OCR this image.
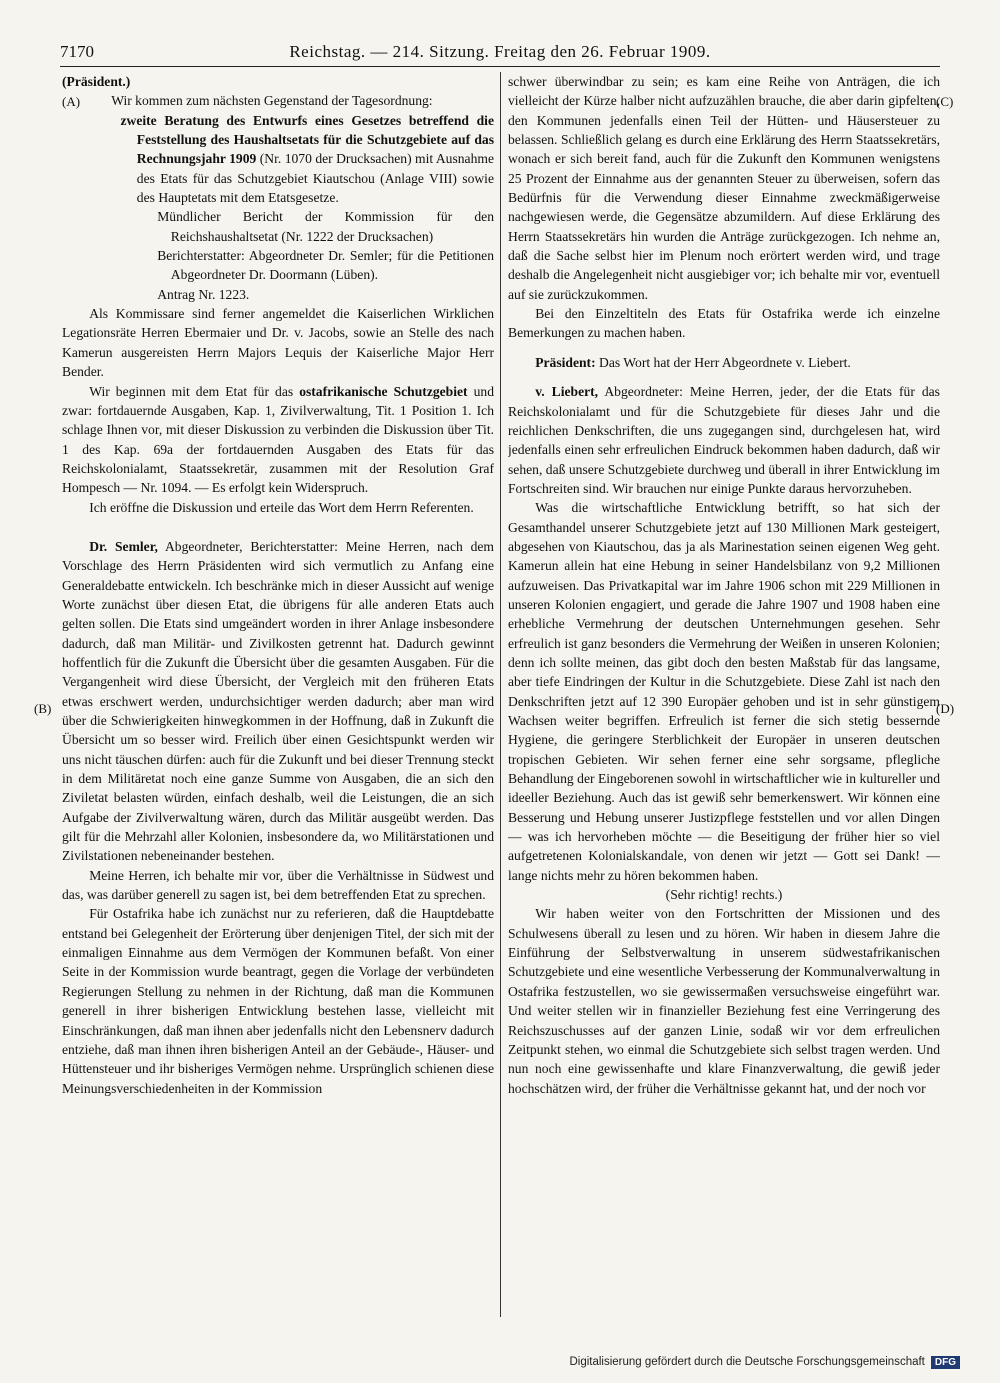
7170	Reichstag. — 214. Sitzung. Freitag den 26. Februar 1909.
(A)
(B)
(C)
(D)

(Präsident.)

Wir kommen zum nächsten Gegenstand der Tagesordnung:

zweite Beratung des Entwurfs eines Gesetzes betreffend die Feststellung des Haushaltsetats für die Schutzgebiete auf das Rechnungsjahr 1909 (Nr. 1070 der Drucksachen) mit Ausnahme des Etats für das Schutzgebiet Kiautschou (Anlage VIII) sowie des Hauptetats mit dem Etatsgesetze.

Mündlicher Bericht der Kommission für den Reichshaushaltsetat (Nr. 1222 der Drucksachen)

Berichterstatter: Abgeordneter Dr. Semler; für die Petitionen Abgeordneter Dr. Doormann (Lüben).

Antrag Nr. 1223.

Als Kommissare sind ferner angemeldet die Kaiserlichen Wirklichen Legationsräte Herren Ebermaier und Dr. v. Jacobs, sowie an Stelle des nach Kamerun ausgereisten Herrn Majors Lequis der Kaiserliche Major Herr Bender.

Wir beginnen mit dem Etat für das ostafrikanische Schutzgebiet und zwar: fortdauernde Ausgaben, Kap. 1, Zivilverwaltung, Tit. 1 Position 1. Ich schlage Ihnen vor, mit dieser Diskussion zu verbinden die Diskussion über Tit. 1 des Kap. 69a der fortdauernden Ausgaben des Etats für das Reichskolonialamt, Staatssekretär, zusammen mit der Resolution Graf Hompesch — Nr. 1094. — Es erfolgt kein Widerspruch.

Ich eröffne die Diskussion und erteile das Wort dem Herrn Referenten.

Dr. Semler, Abgeordneter, Berichterstatter: Meine Herren, nach dem Vorschlage des Herrn Präsidenten wird sich vermutlich zu Anfang eine Generaldebatte entwickeln. Ich beschränke mich in dieser Aussicht auf wenige Worte zunächst über diesen Etat, die übrigens für alle anderen Etats auch gelten sollen. Die Etats sind umgeändert worden in ihrer Anlage insbesondere dadurch, daß man Militär- und Zivilkosten getrennt hat. Dadurch gewinnt hoffentlich für die Zukunft die Übersicht über die gesamten Ausgaben. Für die Vergangenheit wird diese Übersicht, der Vergleich mit den früheren Etats etwas erschwert werden, undurchsichtiger werden dadurch; aber man wird über die Schwierigkeiten hinwegkommen in der Hoffnung, daß in Zukunft die Übersicht um so besser wird. Freilich über einen Gesichtspunkt werden wir uns nicht täuschen dürfen: auch für die Zukunft und bei dieser Trennung steckt in dem Militäretat noch eine ganze Summe von Ausgaben, die an sich den Ziviletat belasten würden, einfach deshalb, weil die Leistungen, die an sich Aufgabe der Zivilverwaltung wären, durch das Militär ausgeübt werden. Das gilt für die Mehrzahl aller Kolonien, insbesondere da, wo Militärstationen und Zivilstationen nebeneinander bestehen.

Meine Herren, ich behalte mir vor, über die Verhältnisse in Südwest und das, was darüber generell zu sagen ist, bei dem betreffenden Etat zu sprechen.

Für Ostafrika habe ich zunächst nur zu referieren, daß die Hauptdebatte entstand bei Gelegenheit der Erörterung über denjenigen Titel, der sich mit der einmaligen Einnahme aus dem Vermögen der Kommunen befaßt. Von einer Seite in der Kommission wurde beantragt, gegen die Vorlage der verbündeten Regierungen Stellung zu nehmen in der Richtung, daß man die Kommunen generell in ihrer bisherigen Entwicklung bestehen lasse, vielleicht mit Einschränkungen, daß man ihnen aber jedenfalls nicht den Lebensnerv dadurch entziehe, daß man ihnen ihren bisherigen Anteil an der Gebäude-, Häuser- und Hüttensteuer und ihr bisheriges Vermögen nehme. Ursprünglich schienen diese Meinungsverschiedenheiten in der Kommission

schwer überwindbar zu sein; es kam eine Reihe von Anträgen, die ich vielleicht der Kürze halber nicht aufzuzählen brauche, die aber darin gipfelten, den Kommunen jedenfalls einen Teil der Hütten- und Häusersteuer zu belassen. Schließlich gelang es durch eine Erklärung des Herrn Staatssekretärs, wonach er sich bereit fand, auch für die Zukunft den Kommunen wenigstens 25 Prozent der Einnahme aus der genannten Steuer zu überweisen, sofern das Bedürfnis für die Verwendung dieser Einnahme zweckmäßigerweise nachgewiesen werde, die Gegensätze abzumildern. Auf diese Erklärung des Herrn Staatssekretärs hin wurden die Anträge zurückgezogen. Ich nehme an, daß die Sache selbst hier im Plenum noch erörtert werden wird, und trage deshalb die Angelegenheit nicht ausgiebiger vor; ich behalte mir vor, eventuell auf sie zurückzukommen.

Bei den Einzeltiteln des Etats für Ostafrika werde ich einzelne Bemerkungen zu machen haben.

Präsident: Das Wort hat der Herr Abgeordnete v. Liebert.

v. Liebert, Abgeordneter: Meine Herren, jeder, der die Etats für das Reichskolonialamt und für die Schutzgebiete für dieses Jahr und die reichlichen Denkschriften, die uns zugegangen sind, durchgelesen hat, wird jedenfalls einen sehr erfreulichen Eindruck bekommen haben dadurch, daß wir sehen, daß unsere Schutzgebiete durchweg und überall in ihrer Entwicklung im Fortschreiten sind. Wir brauchen nur einige Punkte daraus hervorzuheben.

Was die wirtschaftliche Entwicklung betrifft, so hat sich der Gesamthandel unserer Schutzgebiete jetzt auf 130 Millionen Mark gesteigert, abgesehen von Kiautschou, das ja als Marinestation seinen eigenen Weg geht. Kamerun allein hat eine Hebung in seiner Handelsbilanz von 9,2 Millionen aufzuweisen. Das Privatkapital war im Jahre 1906 schon mit 229 Millionen in unseren Kolonien engagiert, und gerade die Jahre 1907 und 1908 haben eine erhebliche Vermehrung der deutschen Unternehmungen gesehen. Sehr erfreulich ist ganz besonders die Vermehrung der Weißen in unseren Kolonien; denn ich sollte meinen, das gibt doch den besten Maßstab für das langsame, aber tiefe Eindringen der Kultur in die Schutzgebiete. Diese Zahl ist nach den Denkschriften jetzt auf 12 390 Europäer gehoben und ist in sehr günstigem Wachsen weiter begriffen. Erfreulich ist ferner die sich stetig bessernde Hygiene, die geringere Sterblichkeit der Europäer in unseren deutschen tropischen Gebieten. Wir sehen ferner eine sehr sorgsame, pflegliche Behandlung der Eingeborenen sowohl in wirtschaftlicher wie in kultureller und ideeller Beziehung. Auch das ist gewiß sehr bemerkenswert. Wir können eine Besserung und Hebung unserer Justizpflege feststellen und vor allen Dingen — was ich hervorheben möchte — die Beseitigung der früher hier so viel aufgetretenen Kolonialskandale, von denen wir jetzt — Gott sei Dank! — lange nichts mehr zu hören bekommen haben.

(Sehr richtig! rechts.)

Wir haben weiter von den Fortschritten der Missionen und des Schulwesens überall zu lesen und zu hören. Wir haben in diesem Jahre die Einführung der Selbstverwaltung in unserem südwestafrikanischen Schutzgebiete und eine wesentliche Verbesserung der Kommunalverwaltung in Ostafrika festzustellen, wo sie gewissermaßen versuchsweise eingeführt war. Und weiter stellen wir in finanzieller Beziehung fest eine Verringerung des Reichszuschusses auf der ganzen Linie, sodaß wir vor dem erfreulichen Zeitpunkt stehen, wo einmal die Schutzgebiete sich selbst tragen werden. Und nun noch eine gewissenhafte und klare Finanzverwaltung, die gewiß jeder hochschätzen wird, der früher die Verhältnisse gekannt hat, und der noch vor

Digitalisierung gefördert durch die Deutsche Forschungsgemeinschaft DFG
